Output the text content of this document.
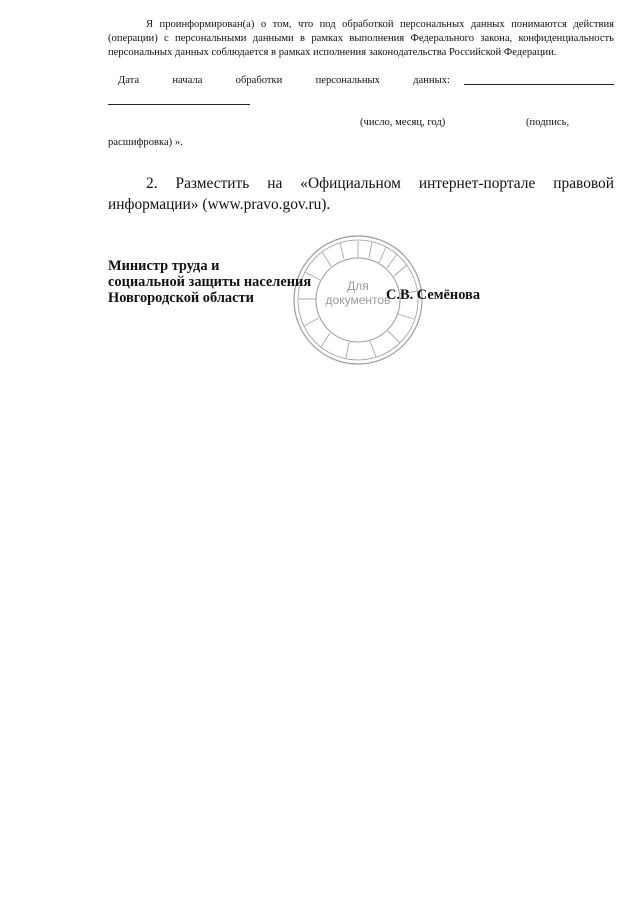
Я проинформирован(а) о том, что под обработкой персональных данных понимаются действия (операции) с персональными данными в рамках выполнения Федерального закона, конфиденциальность персональных данных соблюдается в рамках исполнения законодательства Российской Федерации.

Дата	начала	обработки	персональных	данных:
(число, месяц, год)	(подпись,
расшифровка) ».

2. Разместить на «Официальном интернет-портале правовой информации» (www.pravo.gov.ru).

Для
документов
Министр труда и
социальной защиты населения
Новгородской области	С.В. Семёнова
